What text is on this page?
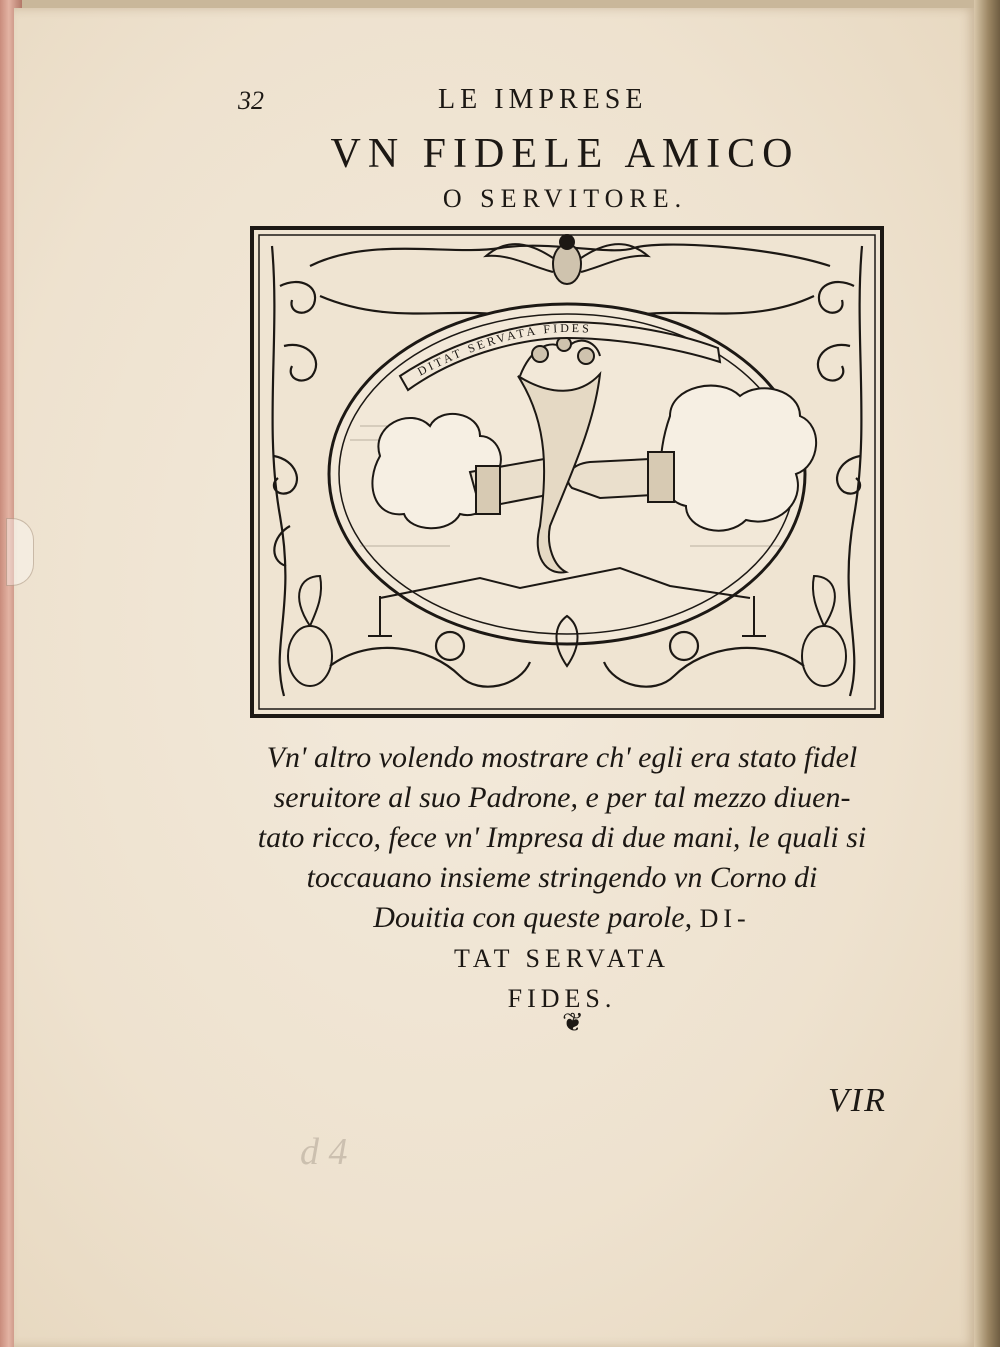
32	LE IMPRESE
VN FIDELE AMICO
O SERVITORE.
DITAT SERVATA FIDES
Vn' altro volendo mostrare ch' egli era stato fidel
seruitore al suo Padrone, e per tal mezzo diuen-
tato ricco, fece vn' Impresa di due mani, le quali si
toccauano insieme stringendo vn Corno di
Douitia con queste parole, DI-
TAT SERVATA
FIDES.
❦
VIR
d 4
